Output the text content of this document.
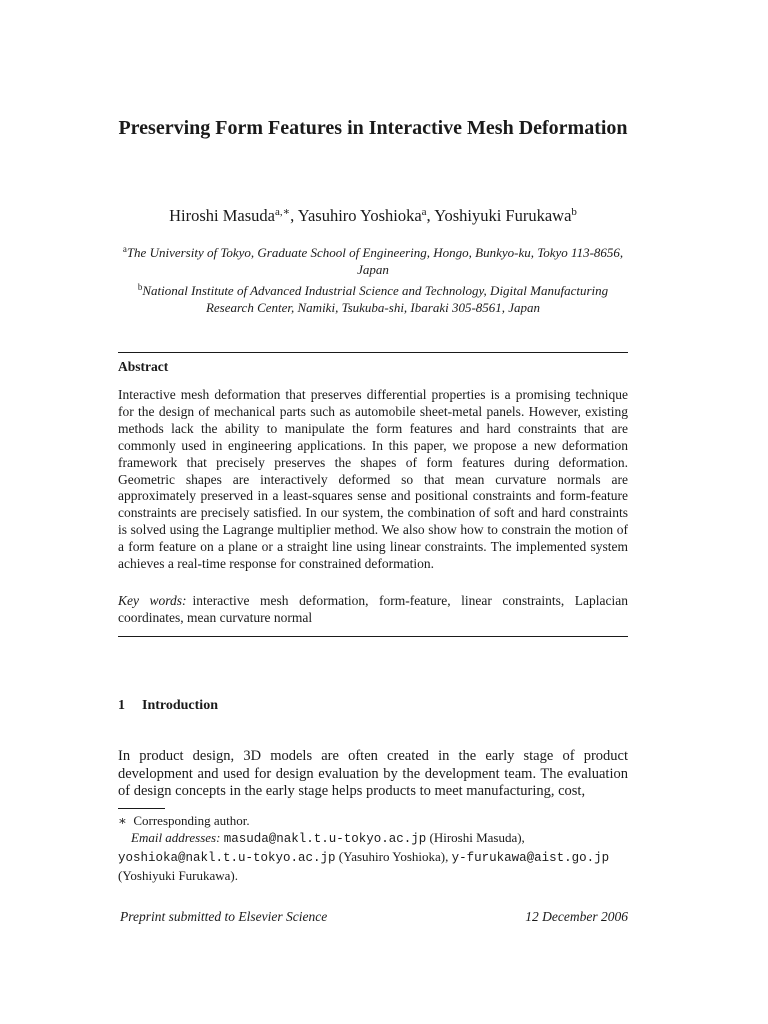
Preserving Form Features in Interactive Mesh Deformation
Hiroshi Masuda$^{a,∗}$, Yasuhiro Yoshioka$^a$, Yoshiyuki Furukawa$^b$
$^a$The University of Tokyo, Graduate School of Engineering, Hongo, Bunkyo-ku, Tokyo 113-8656, Japan
$^b$National Institute of Advanced Industrial Science and Technology, Digital Manufacturing Research Center, Namiki, Tsukuba-shi, Ibaraki 305-8561, Japan
Abstract
Interactive mesh deformation that preserves differential properties is a promising technique for the design of mechanical parts such as automobile sheet-metal panels. However, existing methods lack the ability to manipulate the form features and hard constraints that are commonly used in engineering applications. In this paper, we propose a new deformation framework that precisely preserves the shapes of form features during deformation. Geometric shapes are interactively deformed so that mean curvature normals are approximately preserved in a least-squares sense and positional constraints and form-feature constraints are precisely satisfied. In our system, the combination of soft and hard constraints is solved using the Lagrange multiplier method. We also show how to constrain the motion of a form feature on a plane or a straight line using linear constraints. The implemented system achieves a real-time response for constrained deformation.
Key words: interactive mesh deformation, form-feature, linear constraints, Laplacian coordinates, mean curvature normal
1 Introduction
In product design, 3D models are often created in the early stage of product development and used for design evaluation by the development team. The evaluation of design concepts in the early stage helps products to meet manufacturing, cost,
∗ Corresponding author.
Email addresses: masuda@nakl.t.u-tokyo.ac.jp (Hiroshi Masuda),
yoshioka@nakl.t.u-tokyo.ac.jp (Yasuhiro Yoshioka), y-furukawa@aist.go.jp
(Yoshiyuki Furukawa).
Preprint submitted to Elsevier Science	12 December 2006
